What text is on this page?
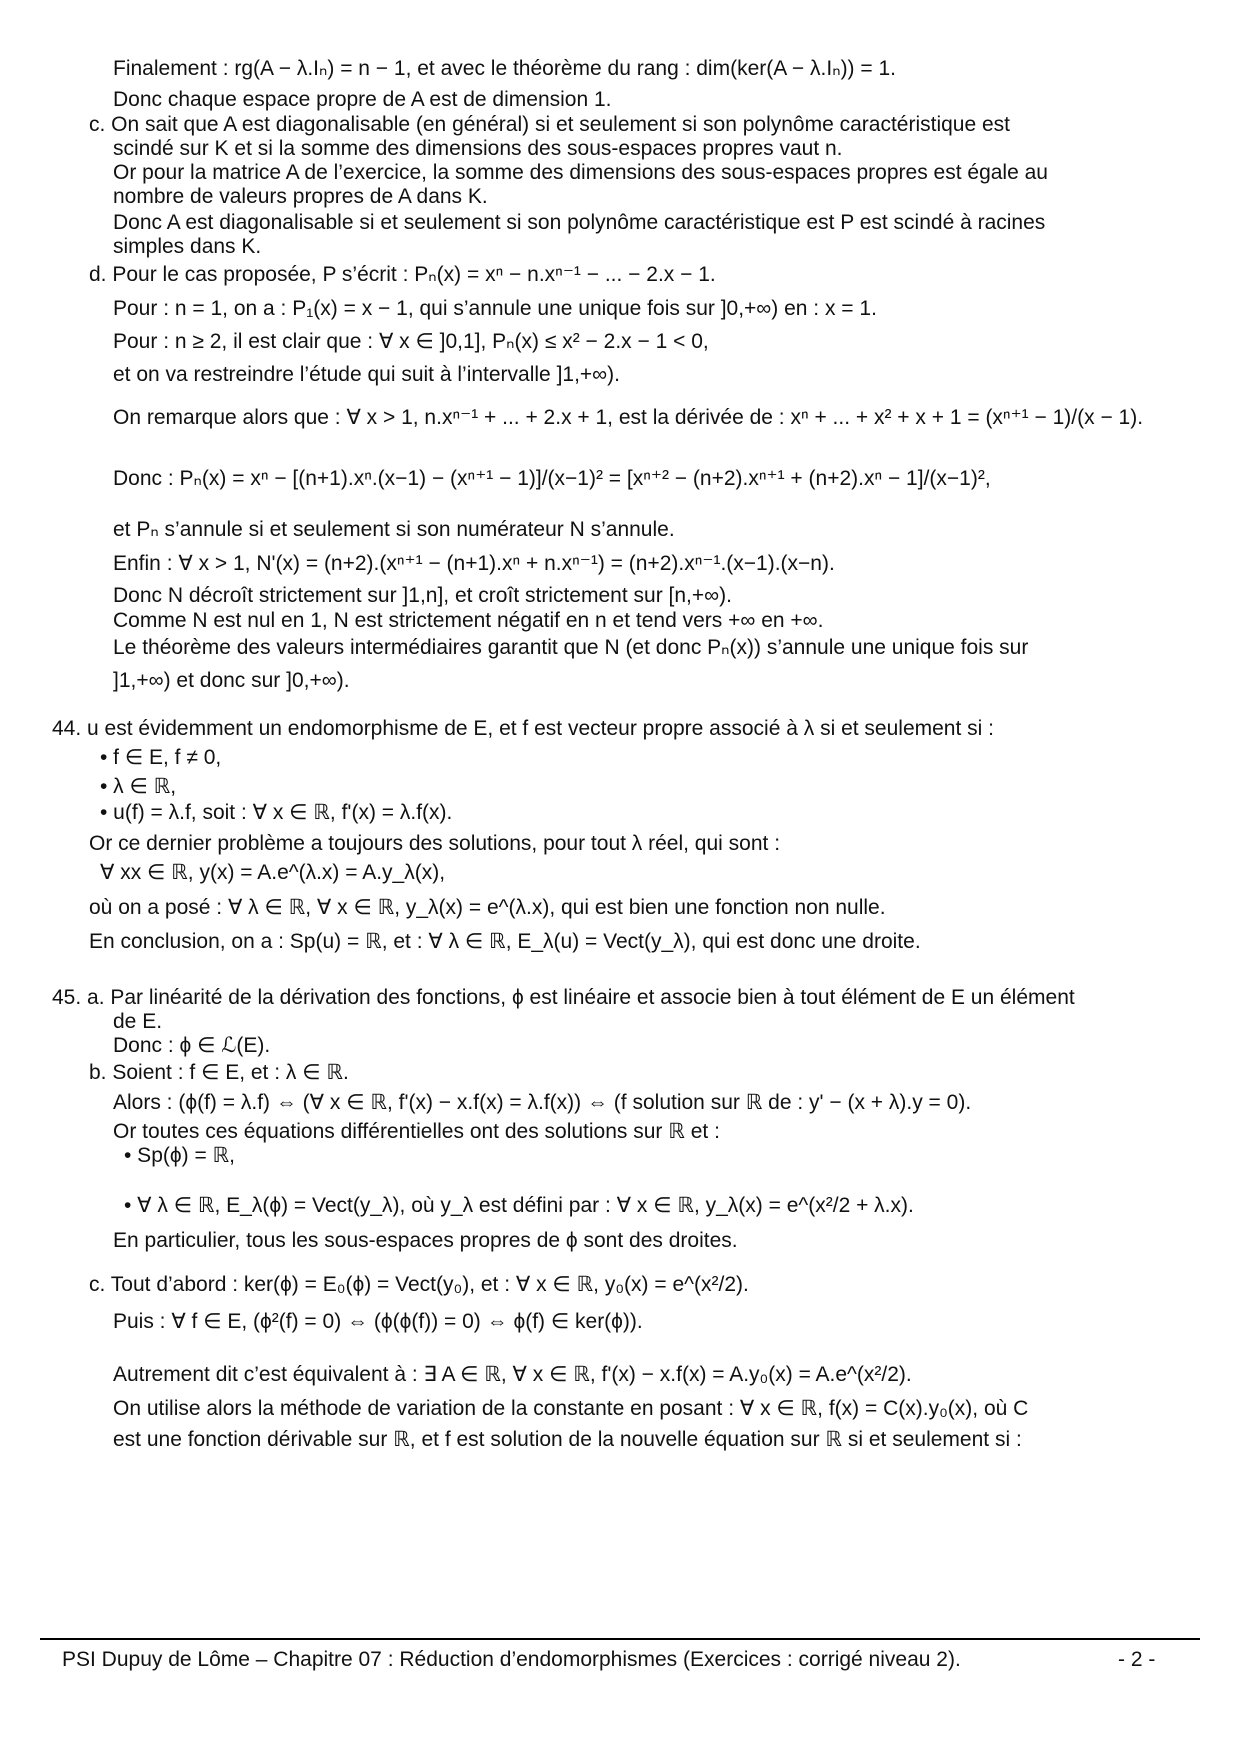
Finalement : rg(A − λ.Iₙ) = n − 1, et avec le théorème du rang : dim(ker(A − λ.Iₙ)) = 1.
Donc chaque espace propre de A est de dimension 1.
c. On sait que A est diagonalisable (en général) si et seulement si son polynôme caractéristique est
scindé sur K et si la somme des dimensions des sous-espaces propres vaut n.
Or pour la matrice A de l’exercice, la somme des dimensions des sous-espaces propres est égale au
nombre de valeurs propres de A dans K.
Donc A est diagonalisable si et seulement si son polynôme caractéristique est P est scindé à racines
simples dans K.
d. Pour le cas proposée, P s’écrit : Pₙ(x) = xⁿ − n.xⁿ⁻¹ − ... − 2.x − 1.
Pour : n = 1, on a : P₁(x) = x − 1, qui s’annule une unique fois sur ]0,+∞) en : x = 1.
Pour : n ≥ 2, il est clair que : ∀ x ∈ ]0,1], Pₙ(x) ≤ x² − 2.x − 1 < 0,
et on va restreindre l’étude qui suit à l’intervalle ]1,+∞).
On remarque alors que : ∀ x > 1, n.xⁿ⁻¹ + ... + 2.x + 1, est la dérivée de : xⁿ + ... + x² + x + 1 = (xⁿ⁺¹ − 1)/(x − 1).
Donc : Pₙ(x) = xⁿ − [(n+1).xⁿ.(x−1) − (xⁿ⁺¹ − 1)]/(x−1)² = [xⁿ⁺² − (n+2).xⁿ⁺¹ + (n+2).xⁿ − 1]/(x−1)²,
et Pₙ s’annule si et seulement si son numérateur N s’annule.
Enfin : ∀ x > 1, N'(x) = (n+2).(xⁿ⁺¹ − (n+1).xⁿ + n.xⁿ⁻¹) = (n+2).xⁿ⁻¹.(x−1).(x−n).
Donc N décroît strictement sur ]1,n], et croît strictement sur [n,+∞).
Comme N est nul en 1, N est strictement négatif en n et tend vers +∞ en +∞.
Le théorème des valeurs intermédiaires garantit que N (et donc Pₙ(x)) s’annule une unique fois sur
]1,+∞) et donc sur ]0,+∞).
44. u est évidemment un endomorphisme de E, et f est vecteur propre associé à λ si et seulement si :
• f ∈ E, f ≠ 0,
• λ ∈ ℝ,
• u(f) = λ.f, soit : ∀ x ∈ ℝ, f'(x) = λ.f(x).
Or ce dernier problème a toujours des solutions, pour tout λ réel, qui sont :
∀ xx ∈ ℝ, y(x) = A.e^(λ.x) = A.y_λ(x),
où on a posé : ∀ λ ∈ ℝ, ∀ x ∈ ℝ, y_λ(x) = e^(λ.x), qui est bien une fonction non nulle.
En conclusion, on a : Sp(u) = ℝ, et : ∀ λ ∈ ℝ, E_λ(u) = Vect(y_λ), qui est donc une droite.
45. a. Par linéarité de la dérivation des fonctions, ϕ est linéaire et associe bien à tout élément de E un élément
de E.
Donc : ϕ ∈ ℒ(E).
b. Soient : f ∈ E, et : λ ∈ ℝ.
Alors : (ϕ(f) = λ.f) ⇔ (∀ x ∈ ℝ, f'(x) − x.f(x) = λ.f(x)) ⇔ (f solution sur ℝ de : y' − (x + λ).y = 0).
Or toutes ces équations différentielles ont des solutions sur ℝ et :
• Sp(ϕ) = ℝ,
• ∀ λ ∈ ℝ, E_λ(ϕ) = Vect(y_λ), où y_λ est défini par : ∀ x ∈ ℝ, y_λ(x) = e^(x²/2 + λ.x).
En particulier, tous les sous-espaces propres de ϕ sont des droites.
c. Tout d’abord : ker(ϕ) = E₀(ϕ) = Vect(y₀), et : ∀ x ∈ ℝ, y₀(x) = e^(x²/2).
Puis : ∀ f ∈ E, (ϕ²(f) = 0) ⇔ (ϕ(ϕ(f)) = 0) ⇔ ϕ(f) ∈ ker(ϕ)).
Autrement dit c’est équivalent à : ∃ A ∈ ℝ, ∀ x ∈ ℝ, f'(x) − x.f(x) = A.y₀(x) = A.e^(x²/2).
On utilise alors la méthode de variation de la constante en posant : ∀ x ∈ ℝ, f(x) = C(x).y₀(x), où C
est une fonction dérivable sur ℝ, et f est solution de la nouvelle équation sur ℝ si et seulement si :
PSI Dupuy de Lôme – Chapitre 07 : Réduction d’endomorphismes (Exercices : corrigé niveau 2).	- 2 -
